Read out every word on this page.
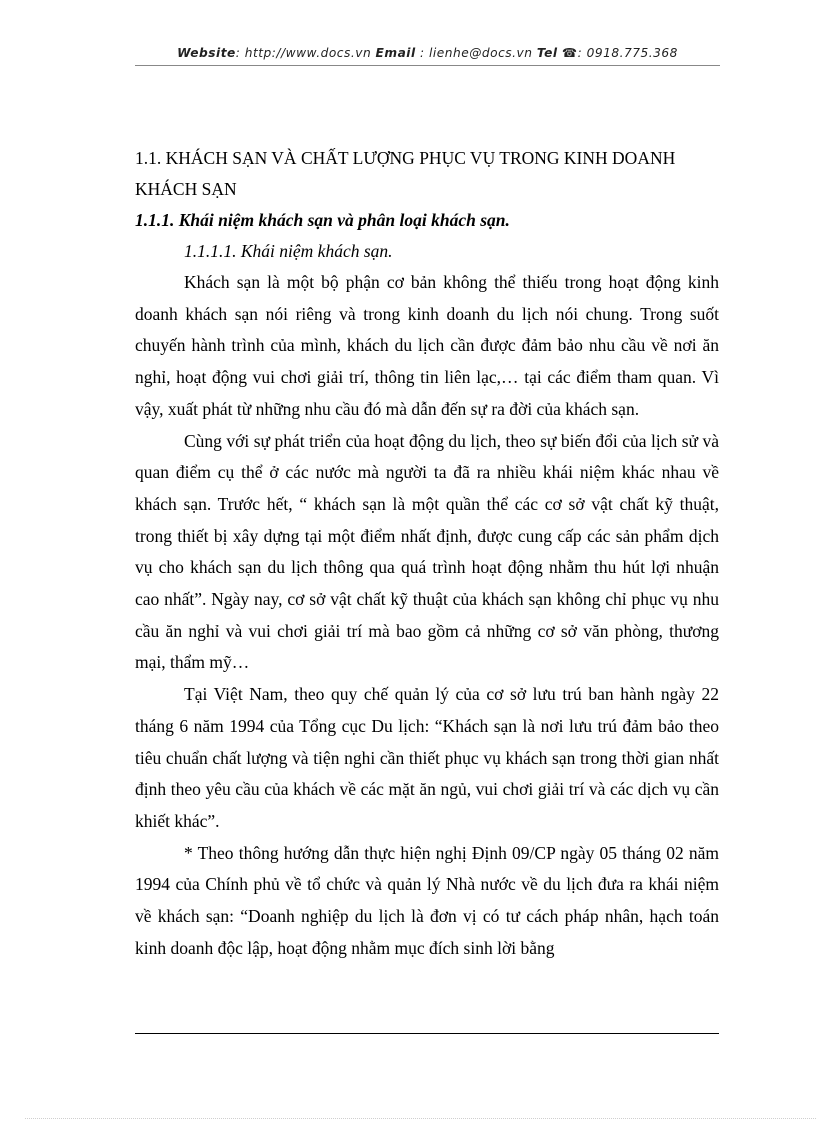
Website: http://www.docs.vn Email : lienhe@docs.vn Tel ☎: 0918.775.368

1.1. KHÁCH SẠN VÀ CHẤT LƯỢNG PHỤC VỤ TRONG KINH DOANH KHÁCH SẠN

1.1.1. Khái niệm khách sạn và phân loại khách sạn.

1.1.1.1. Khái niệm khách sạn.

Khách sạn là một bộ phận cơ bản không thể thiếu trong hoạt động kinh doanh khách sạn nói riêng và trong kinh doanh du lịch nói chung. Trong suốt chuyến hành trình của mình, khách du lịch cần được đảm bảo nhu cầu về nơi ăn nghỉ, hoạt động vui chơi giải trí, thông tin liên lạc,… tại các điểm tham quan. Vì vậy, xuất phát từ những nhu cầu đó mà dẫn đến sự ra đời của khách sạn.

Cùng với sự phát triển của hoạt động du lịch, theo sự biến đổi của lịch sử và quan điểm cụ thể ở các nước mà người ta đã ra nhiều khái niệm khác nhau về khách sạn. Trước hết, “ khách sạn là một quần thể các cơ sở vật chất kỹ thuật, trong thiết bị xây dựng tại một điểm nhất định, được cung cấp các sản phẩm dịch vụ cho khách sạn du lịch thông qua quá trình hoạt động nhằm thu hút lợi nhuận cao nhất”. Ngày nay, cơ sở vật chất kỹ thuật của khách sạn không chỉ phục vụ nhu cầu ăn nghỉ và vui chơi giải trí mà bao gồm cả những cơ sở văn phòng, thương mại, thẩm mỹ…

Tại Việt Nam, theo quy chế quản lý của cơ sở lưu trú ban hành ngày 22 tháng 6 năm 1994 của Tổng cục Du lịch: “Khách sạn là nơi lưu trú đảm bảo theo tiêu chuẩn chất lượng và tiện nghi cần thiết phục vụ khách sạn trong thời gian nhất định theo yêu cầu của khách về các mặt ăn ngủ, vui chơi giải trí và các dịch vụ cần khiết khác”.

* Theo thông hướng dẫn thực hiện nghị Định 09/CP ngày 05 tháng 02 năm 1994 của Chính phủ về tổ chức và quản lý Nhà nước về du lịch đưa ra khái niệm về khách sạn: “Doanh nghiệp du lịch là đơn vị có tư cách pháp nhân, hạch toán kinh doanh độc lập, hoạt động nhằm mục đích sinh lời bằng
